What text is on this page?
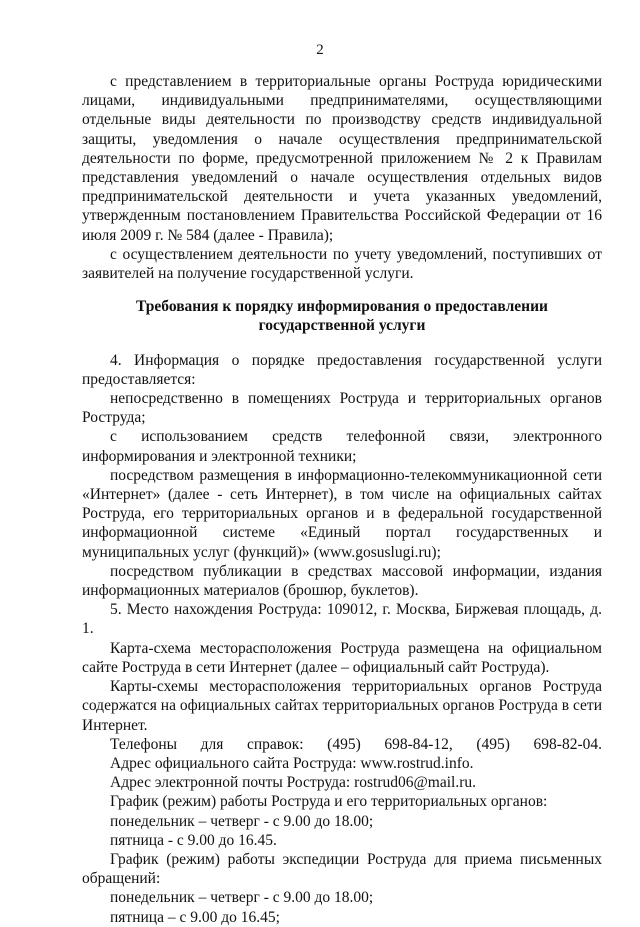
2

с представлением в территориальные органы Роструда юридическими лицами, индивидуальными предпринимателями, осуществляющими отдельные виды деятельности по производству средств индивидуальной защиты, уведомления о начале осуществления предпринимательской деятельности по форме, предусмотренной приложением № 2 к Правилам представления уведомлений о начале осуществления отдельных видов предпринимательской деятельности и учета указанных уведомлений, утвержденным постановлением Правительства Российской Федерации от 16 июля 2009 г. № 584 (далее - Правила);

с осуществлением деятельности по учету уведомлений, поступивших от заявителей на получение государственной услуги.

Требования к порядку информирования о предоставлении
государственной услуги

4. Информация о порядке предоставления государственной услуги предоставляется:

непосредственно в помещениях Роструда и территориальных органов Роструда;

с использованием средств телефонной связи, электронного информирования и электронной техники;

посредством размещения в информационно-телекоммуникационной сети «Интернет» (далее - сеть Интернет), в том числе на официальных сайтах Роструда, его территориальных органов и в федеральной государственной информационной системе «Единый портал государственных и муниципальных услуг (функций)» (www.gosuslugi.ru);

посредством публикации в средствах массовой информации, издания информационных материалов (брошюр, буклетов).

5. Место нахождения Роструда: 109012, г. Москва, Биржевая площадь, д. 1.

Карта-схема месторасположения Роструда размещена на официальном сайте Роструда в сети Интернет (далее – официальный сайт Роструда).

Карты-схемы месторасположения территориальных органов Роструда содержатся на официальных сайтах территориальных органов Роструда в сети Интернет.

Телефоны для справок: (495) 698-84-12, (495) 698-82-04.

Адрес официального сайта Роструда: www.rostrud.info.

Адрес электронной почты Роструда: rostrud06@mail.ru.

График (режим) работы Роструда и его территориальных органов:

понедельник – четверг - с 9.00 до 18.00;

пятница - с 9.00 до 16.45.

График (режим) работы экспедиции Роструда для приема письменных обращений:

понедельник – четверг - с 9.00 до 18.00;

пятница – с 9.00 до 16.45;
